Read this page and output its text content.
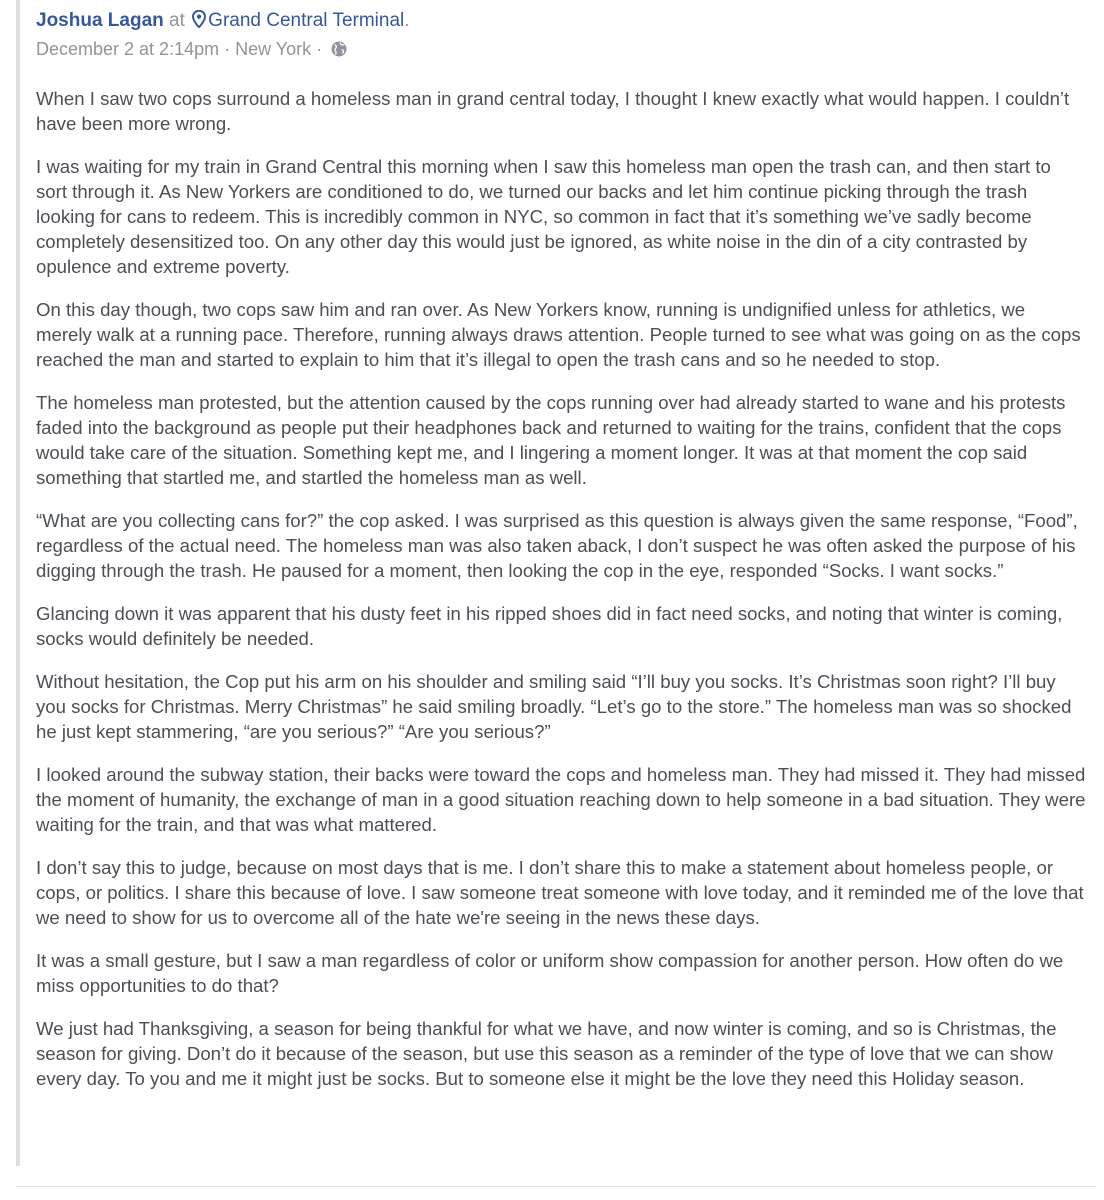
Joshua Lagan at Grand Central Terminal.
December 2 at 2:14pm · New York ·

When I saw two cops surround a homeless man in grand central today, I thought I knew exactly what would happen. I couldn’t have been more wrong.

I was waiting for my train in Grand Central this morning when I saw this homeless man open the trash can, and then start to sort through it. As New Yorkers are conditioned to do, we turned our backs and let him continue picking through the trash looking for cans to redeem. This is incredibly common in NYC, so common in fact that it’s something we’ve sadly become completely desensitized too. On any other day this would just be ignored, as white noise in the din of a city contrasted by opulence and extreme poverty.

On this day though, two cops saw him and ran over. As New Yorkers know, running is undignified unless for athletics, we merely walk at a running pace. Therefore, running always draws attention. People turned to see what was going on as the cops reached the man and started to explain to him that it’s illegal to open the trash cans and so he needed to stop.

The homeless man protested, but the attention caused by the cops running over had already started to wane and his protests faded into the background as people put their headphones back and returned to waiting for the trains, confident that the cops would take care of the situation. Something kept me, and I lingering a moment longer. It was at that moment the cop said something that startled me, and startled the homeless man as well.

“What are you collecting cans for?” the cop asked. I was surprised as this question is always given the same response, “Food”, regardless of the actual need. The homeless man was also taken aback, I don’t suspect he was often asked the purpose of his digging through the trash. He paused for a moment, then looking the cop in the eye, responded “Socks. I want socks.”

Glancing down it was apparent that his dusty feet in his ripped shoes did in fact need socks, and noting that winter is coming, socks would definitely be needed.

Without hesitation, the Cop put his arm on his shoulder and smiling said “I’ll buy you socks. It’s Christmas soon right? I’ll buy you socks for Christmas. Merry Christmas” he said smiling broadly. “Let’s go to the store.” The homeless man was so shocked he just kept stammering, “are you serious?” “Are you serious?”

I looked around the subway station, their backs were toward the cops and homeless man. They had missed it. They had missed the moment of humanity, the exchange of man in a good situation reaching down to help someone in a bad situation. They were waiting for the train, and that was what mattered.

I don’t say this to judge, because on most days that is me. I don’t share this to make a statement about homeless people, or cops, or politics. I share this because of love. I saw someone treat someone with love today, and it reminded me of the love that we need to show for us to overcome all of the hate we're seeing in the news these days.

It was a small gesture, but I saw a man regardless of color or uniform show compassion for another person. How often do we miss opportunities to do that?

We just had Thanksgiving, a season for being thankful for what we have, and now winter is coming, and so is Christmas, the season for giving. Don’t do it because of the season, but use this season as a reminder of the type of love that we can show every day. To you and me it might just be socks. But to someone else it might be the love they need this Holiday season.
